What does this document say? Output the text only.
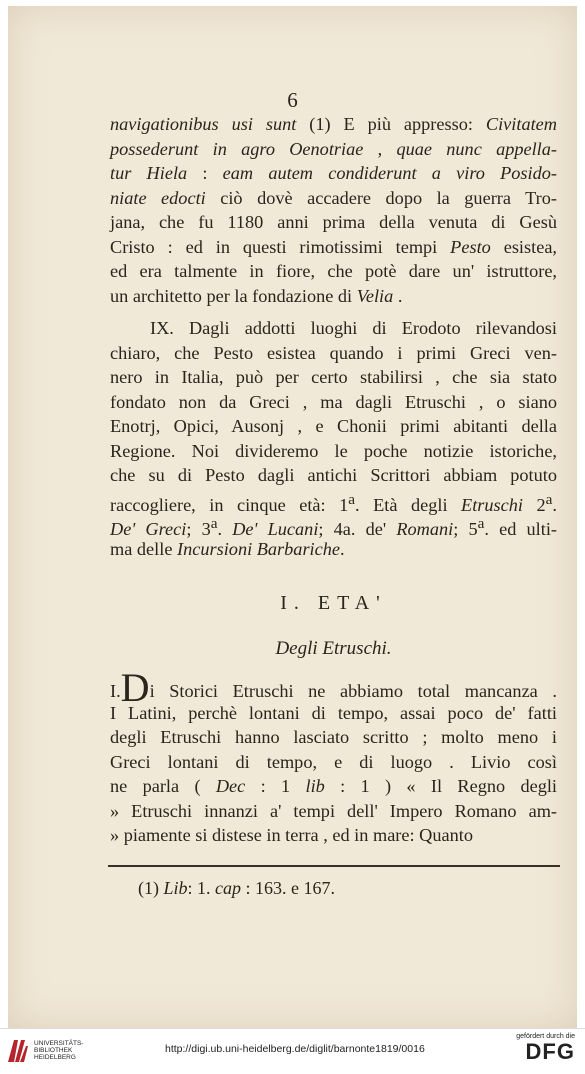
6
navigationibus usi sunt (1) E più appresso: Civitatem
possederunt in agro Oenotriae , quae nunc appella-
tur Hiela : eam autem condiderunt a viro Posido-
niate edocti ciò dovè accadere dopo la guerra Tro-
jana, che fu 1180 anni prima della venuta di Gesù
Cristo : ed in questi rimotissimi tempi Pesto esistea,
ed era talmente in fiore, che potè dare un' istruttore,
un architetto per la fondazione di Velia .
IX. Dagli addotti luoghi di Erodoto rilevandosi
chiaro, che Pesto esistea quando i primi Greci ven-
nero in Italia, può per certo stabilirsi , che sia stato
fondato non da Greci , ma dagli Etruschi , o siano
Enotrj, Opici, Ausonj , e Chonii primi abitanti della
Regione. Noi divideremo le poche notizie istoriche,
che su di Pesto dagli antichi Scrittori abbiam potuto
raccogliere, in cinque età: 1$^a$. Età degli Etruschi 2$^a$.
De' Greci; 3$^a$. De' Lucani; 4a. de' Romani; 5$^a$. ed ulti-
ma delle Incursioni Barbariche.
I. ETA'
Degli Etruschi.
I.Di Storici Etruschi ne abbiamo total mancanza .
I Latini, perchè lontani di tempo, assai poco de' fatti
degli Etruschi hanno lasciato scritto ; molto meno i
Greci lontani di tempo, e di luogo . Livio così
ne parla ( Dec : 1 lib : 1 ) « Il Regno degli
» Etruschi innanzi a' tempi dell' Impero Romano am-
» piamente si distese in terra , ed in mare: Quanto
(1) Lib: 1. cap : 163. e 167.
UNIVERSITÄTS-
BIBLIOTHEK
HEIDELBERG
http://digi.ub.uni-heidelberg.de/diglit/barnonte1819/0016
gefördert durch die
DFG
